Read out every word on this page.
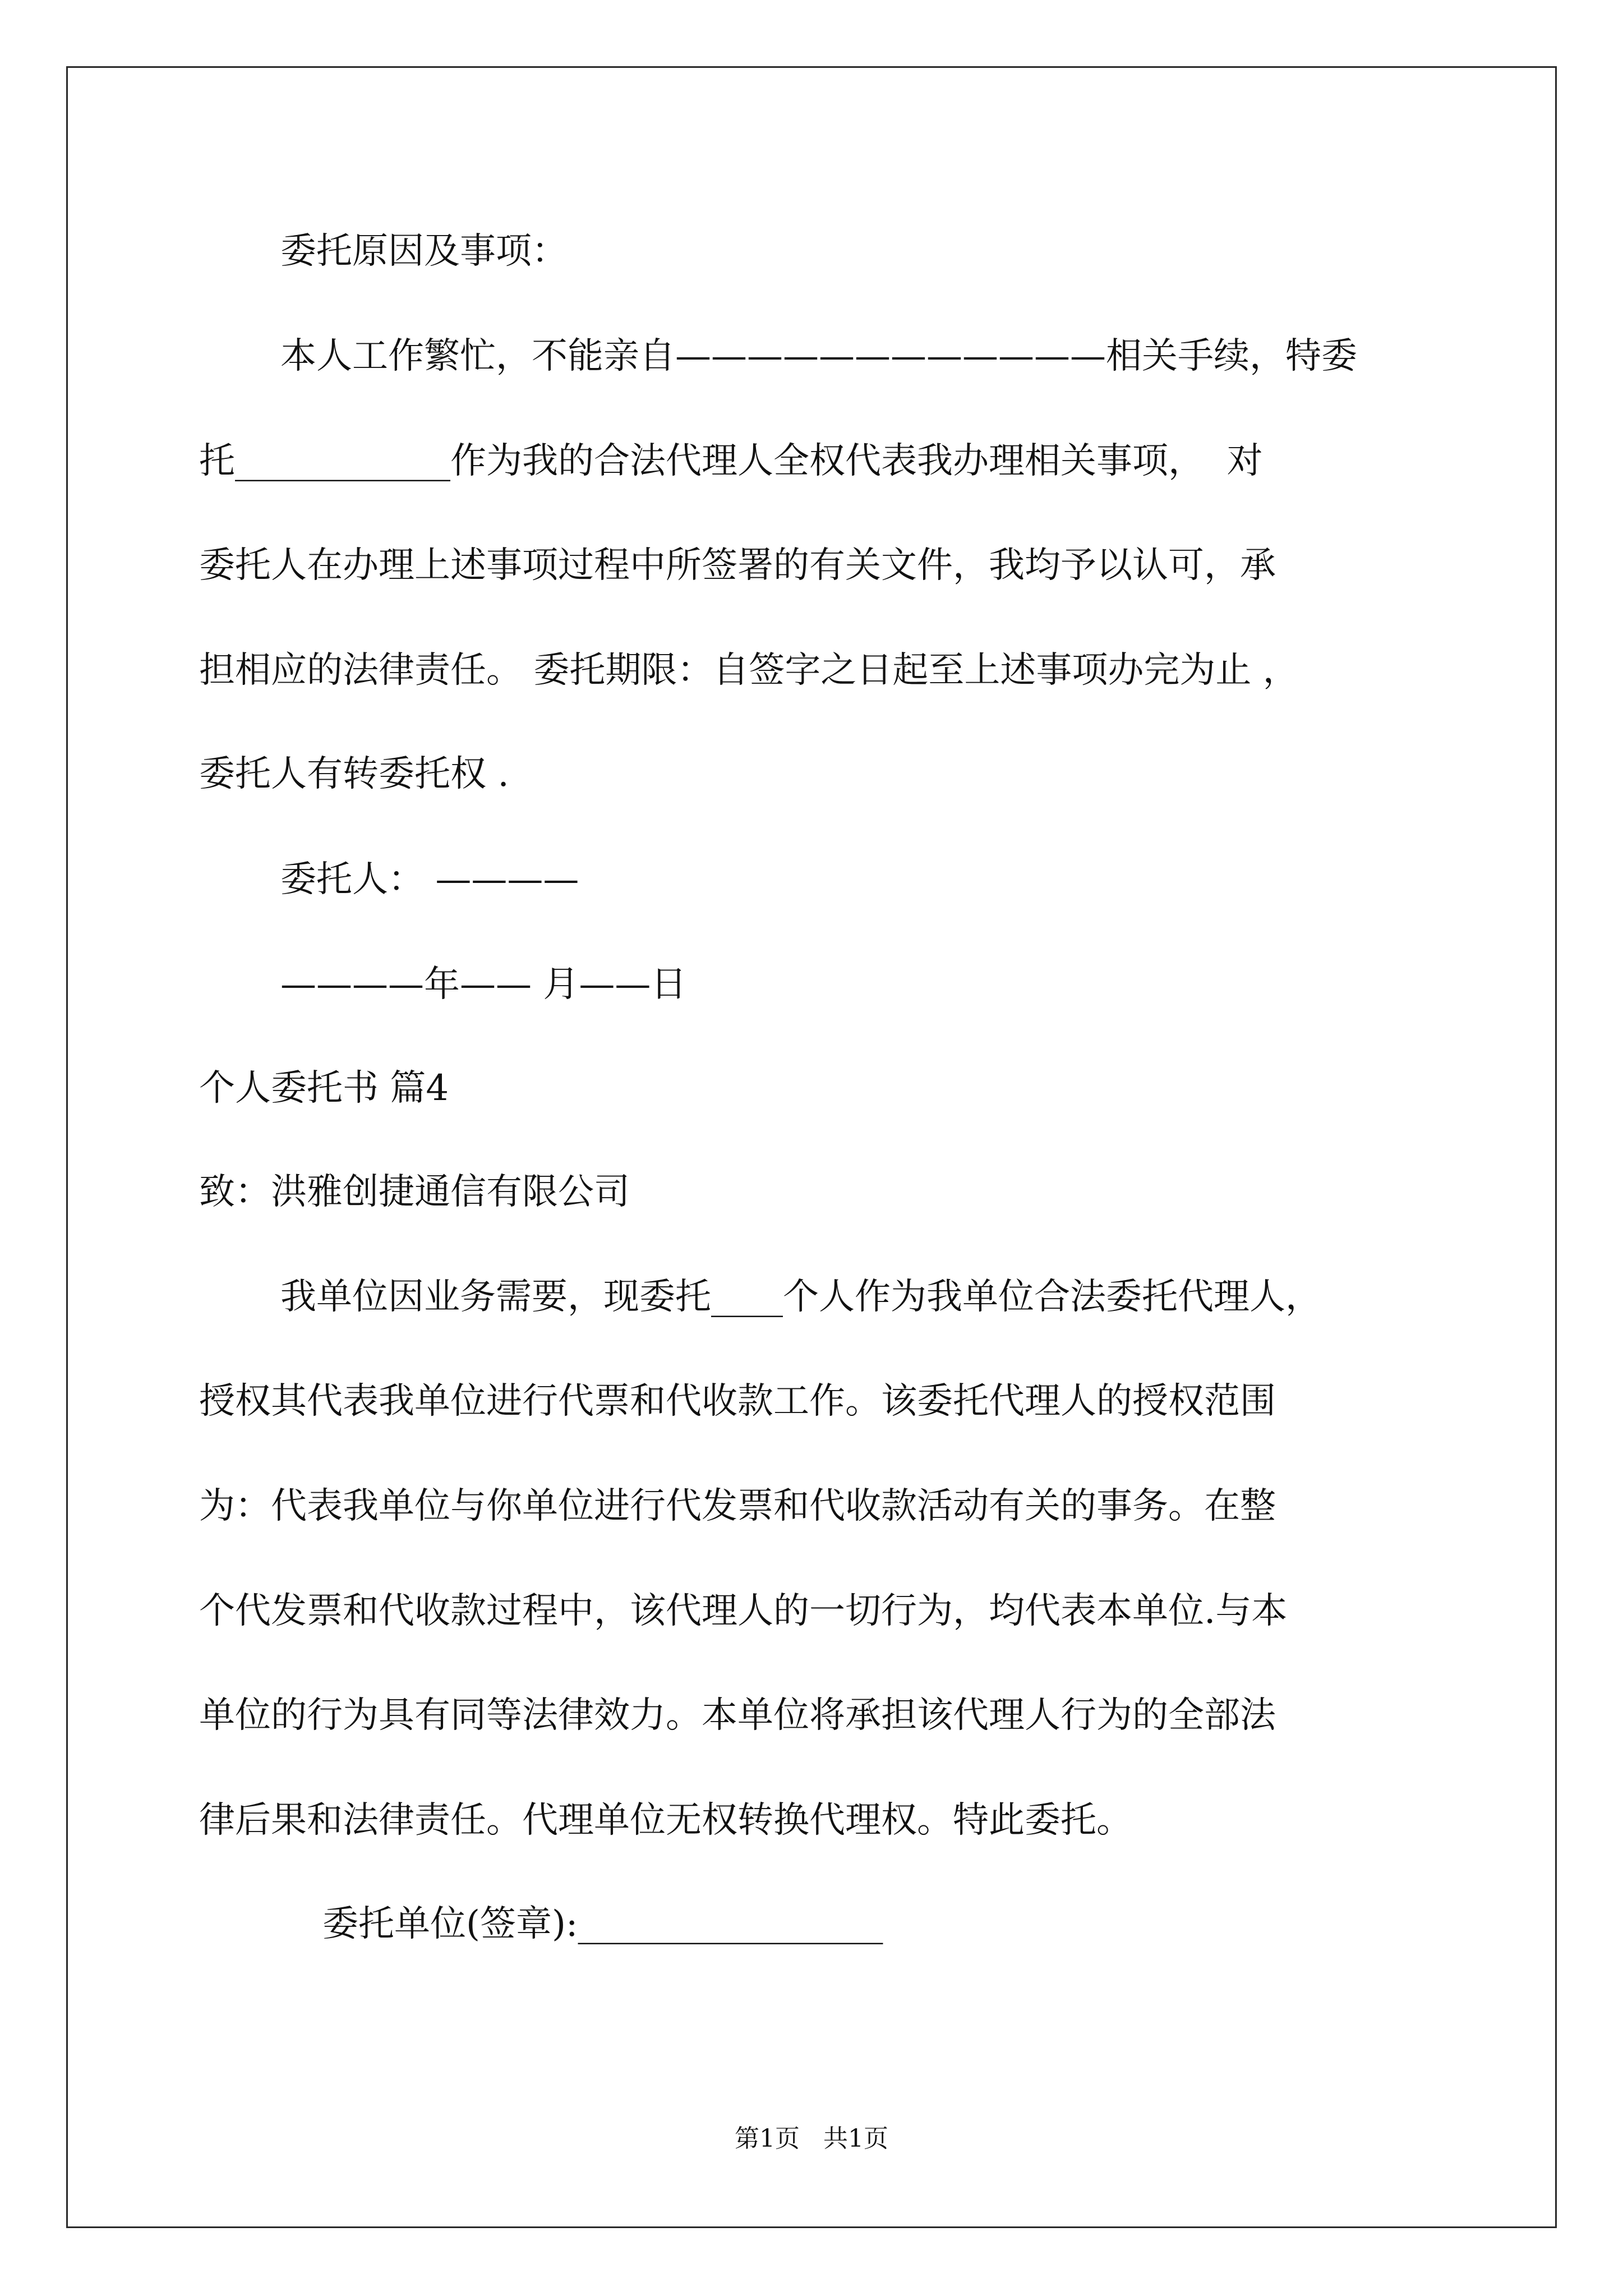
委托原因及事项：

本人工作繁忙，不能亲自————————————相关手续，特委

托____________作为我的合法代理人全权代表我办理相关事项，  对

委托人在办理上述事项过程中所签署的有关文件，我均予以认可，承

担相应的法律责任。 委托期限：自签字之日起至上述事项办完为止 ，

委托人有转委托权 .

委托人： ————

————年—— 月——日

个人委托书 篇4

致：洪雅创捷通信有限公司

我单位因业务需要，现委托____个人作为我单位合法委托代理人，

授权其代表我单位进行代票和代收款工作。该委托代理人的授权范围

为：代表我单位与你单位进行代发票和代收款活动有关的事务。在整

个代发票和代收款过程中，该代理人的一切行为，均代表本单位.与本

单位的行为具有同等法律效力。本单位将承担该代理人行为的全部法

律后果和法律责任。代理单位无权转换代理权。特此委托。

委托单位(签章):_________________

第1页   共1页
